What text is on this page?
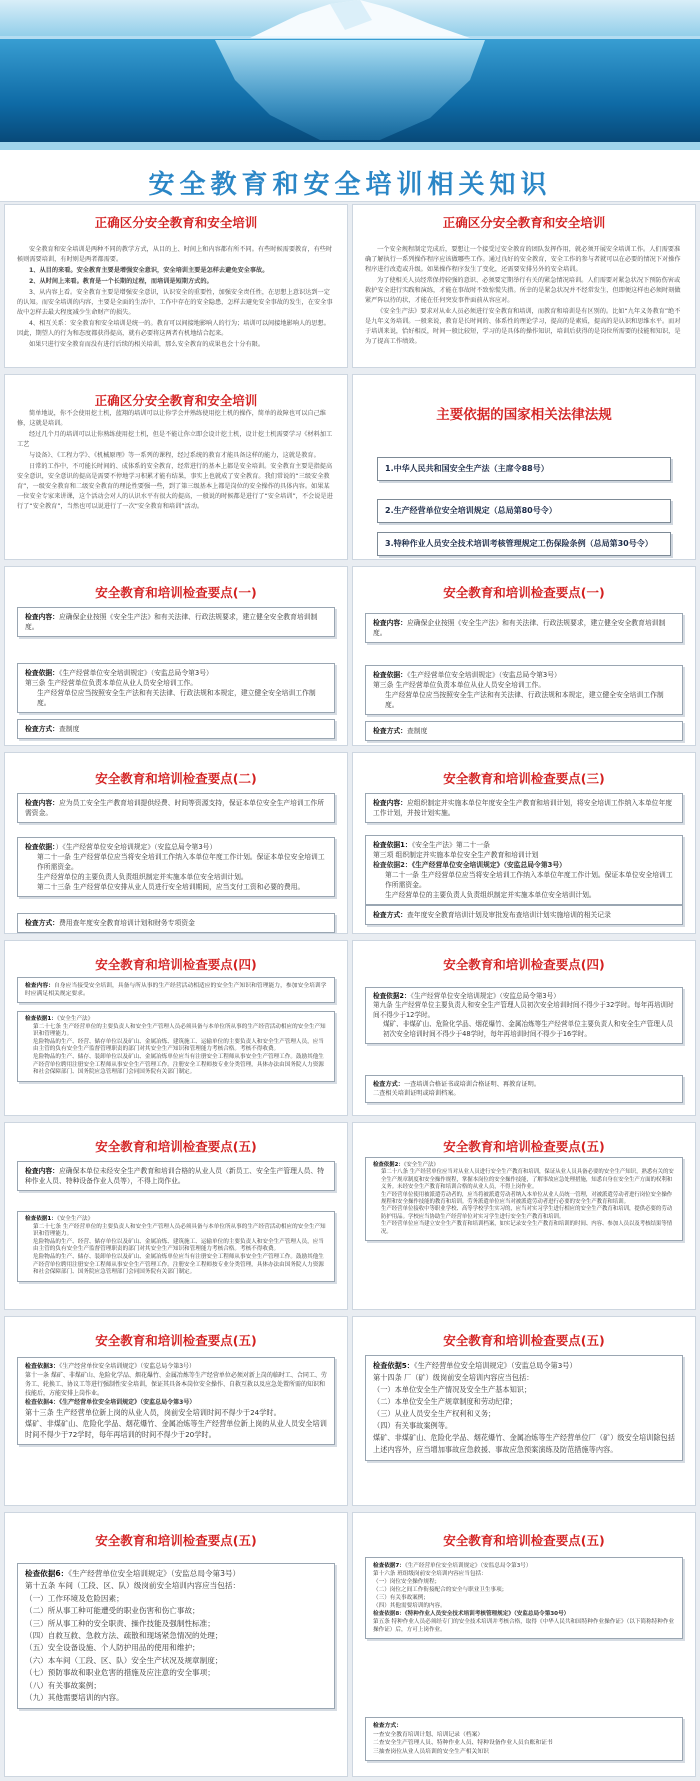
安全教育和安全培训相关知识
正确区分安全教育和安全培训

安全教育和安全培训是两种不同的教学方式，从目的上、时间上和内容都有所不同。有些时候需要教育，有些时候则需要培训，有时则是两者都需要。

1、从目的来看。安全教育主要是增强安全意识，安全培训主要是怎样去避免安全事故。

2、从时间上来看。教育是一个长期的过程，而培训是短期方式的。

3、从内容上看。安全教育主要是增强安全意识，认识安全的重要性，加强安全责任性，在思想上意识达到一定的认知。而安全培训的内容，主要是全面的生活中、工作中存在的安全隐患，怎样去避免安全事故的发生，在安全事故中怎样去最大程度减少生命财产的损失。

4、相互关系：安全教育和安全培训是统一的。教育可以间接地影响人的行为；培训可以间接地影响人的思想。因此，期望人的行为和态度都获得提高，就有必要将这两者有机地结合起来。

如果只进行安全教育而没有进行后续的相关培训，那么安全教育的成果也会十分有限。

正确区分安全教育和安全培训

一个安全规程制定完成后，要想让一个接受过安全教育的团队发挥作用，就必须开展安全培训工作。人们需要准确了解执行一系列操作程序应该做哪些工作。通过良好的安全教育，安全工作的参与者就可以在必要的情况下对操作程序进行改造或升级。如果操作程序发生了变化，还需要安排另外的安全培训。

为了使相关人员经常保持较强的意识、必须要定期举行有关的紧急情况培训。人们需要对紧急状况下预防伤害或救护安全进行实践和演练，才能在事故时不致惊慌失措。所幸的是紧急状况并不经常发生，但即便这样也必须时刻做紧严阵以待的状，才能在任何突发事件面前从容应对。

《安全生产法》要求对从业人员必须进行安全教育和培训，而教育和培训是有区别的。比如“九年义务教育”绝不是九年义务培训。一般来说，教育是长时间的、体系性的理论学习，提高的是素质，提高的是认识和思维水平。而对于培训来说，恰好相反，时间一般比较短，学习的是具体的操作知识，培训后获得的是岗位所需要的技能和知识，是为了提高工作绩效。

正确区分安全教育和安全培训

简单地说，你不会使用挖土机，蓝翔的培训可以让你学会并熟练使用挖土机的操作，简单的故障也可以自己维修，这就是培训。

经过几个月的培训可以让你熟练使用挖土机，但是不能让你立即会设计挖土机，设计挖土机需要学习《材料加工工艺

与设备》、《工程力学》、《机械原理》等一系列的课程，经过系统的教育才能具备这样的能力，这就是教育。

日常的工作中，不可能长时间的、成体系的安全教育，经常进行的基本上都是安全培训。安全教育主要是指提高安全意识，安全意识的提高是需要不停地学习积累才能有结果，事实上也就成了安全教育。我们常说的“三级安全教育”，一级安全教育和二级安全教育的理论性要强一些，到了第三级基本上都是岗位的安全操作的具体内容。如果某一位安全专家来讲课，这个活动会对人的认识水平有很大的提高，一般说的时候都是进行了“安全培训”，不会说是进行了“安全教育”，当然也可以说进行了一次“安全教育和培训”活动。

主要依据的国家相关法律法规
1.中华人民共和国安全生产法（主席令88号）
2.生产经营单位安全培训规定（总局第80号令）
3.特种作业人员安全技术培训考核管理规定工伤保险条例（总局第30号令）
安全教育和培训检查要点(一)
检查内容：应确保企业按照《安全生产法》和有关法律、行政法规要求，建立健全安全教育培训制度。
检查依据：《生产经营单位安全培训规定》（安监总局令第3号）
第三条 生产经营单位负责本单位从业人员安全培训工作。
生产经营单位应当按照安全生产法和有关法律、行政法规和本规定，建立健全安全培训工作制度。
检查方式：查制度
安全教育和培训检查要点(一)
检查内容：应确保企业按照《安全生产法》和有关法律、行政法规要求，建立健全安全教育培训制度。
检查依据：《生产经营单位安全培训规定》（安监总局令第3号）
第三条 生产经营单位负责本单位从业人员安全培训工作。
生产经营单位应当按照安全生产法和有关法律、行政法规和本规定，建立健全安全培训工作制度。
检查方式：查制度
安全教育和培训检查要点(二)
检查内容：应为员工安全生产教育培训提供经费、时间等资源支持，保证本单位安全生产培训工作所需资金。
检查依据：）《生产经营单位安全培训规定》（安监总局令第3号）
第二十一条 生产经营单位应当将安全培训工作纳入本单位年度工作计划。保证本单位安全培训工作所需资金。
生产经营单位的主要负责人负责组织制定并实施本单位安全培训计划。
第二十三条 生产经营单位安排从业人员进行安全培训期间，应当支付工资和必要的费用。
检查方式：费用查年度安全教育培训计划和财务专项资金
安全教育和培训检查要点(三)
检查内容：应组织制定并实施本单位年度安全生产教育和培训计划，将安全培训工作纳入本单位年度工作计划，并按计划实施。
检查依据1：《安全生产法》第二十一条
第三项 组织制定并实施本单位安全生产教育和培训计划
检查依据2：《生产经营单位安全培训规定》（安监总局令第3号）
第二十一条 生产经营单位应当将安全培训工作纳入本单位年度工作计划。保证本单位安全培训工作所需资金。
生产经营单位的主要负责人负责组织制定并实施本单位安全培训计划。
检查方式：查年度安全教育培训计划及审批发布查培训计划实施培训的相关记录
安全教育和培训检查要点(四)
检查内容：自身应当接受安全培训，具备与所从事的生产经营活动相适应的安全生产知识和管理能力，参加安全培训学时应满足相关规定要求。
检查依据1：《安全生产法》
第二十七条 生产经营单位的主要负责人和安全生产管理人员必须具备与本单位所从事的生产经营活动相应的安全生产知识和管理能力。
危险物品的生产、经营、储存单位以及矿山、金属冶炼、建筑施工、运输单位的主要负责人和安全生产管理人员，应当由主管的负有安全生产监督管理职责的部门对其安全生产知识和管理能力考核合格。考核不得收费。
危险物品的生产、储存、装卸单位以及矿山、金属冶炼单位应当有注册安全工程师从事安全生产管理工作。鼓励其他生产经营单位聘用注册安全工程师从事安全生产管理工作。注册安全工程师按专业分类管理，具体办法由国务院人力资源和社会保障部门、国务院应急管理部门会同国务院有关部门制定。
安全教育和培训检查要点(四)
检查依据2：《生产经营单位安全培训规定》（安监总局令第3号）
第九条 生产经营单位主要负责人和安全生产管理人员初次安全培训时间不得少于32学时。每年再培训时间不得少于12学时。
煤矿、非煤矿山、危险化学品、烟花爆竹、金属冶炼等生产经营单位主要负责人和安全生产管理人员初次安全培训时间不得少于48学时，每年再培训时间不得少于16学时。
检查方式：一查培训合格证书或培训合格证明、再教育证明。
二查相关培训证明或培训档案。
安全教育和培训检查要点(五)
检查内容：应确保本单位未经安全生产教育和培训合格的从业人员（新员工、安全生产管理人员、特种作业人员、特种设备作业人员等），不得上岗作业。
检查依据1：《安全生产法》
第二十七条 生产经营单位的主要负责人和安全生产管理人员必须具备与本单位所从事的生产经营活动相应的安全生产知识和管理能力。
危险物品的生产、经营、储存单位以及矿山、金属冶炼、建筑施工、运输单位的主要负责人和安全生产管理人员，应当由主管的负有安全生产监督管理职责的部门对其安全生产知识和管理能力考核合格。考核不得收费。
危险物品的生产、储存、装卸单位以及矿山、金属冶炼单位应当有注册安全工程师从事安全生产管理工作。鼓励其他生产经营单位聘用注册安全工程师从事安全生产管理工作。注册安全工程师按专业分类管理，具体办法由国务院人力资源和社会保障部门、国务院应急管理部门会同国务院有关部门制定。
安全教育和培训检查要点(五)
检查依据2：《安全生产法》
第二十八条 生产经营单位应当对从业人员进行安全生产教育和培训，保证从业人员具备必要的安全生产知识，熟悉有关的安全生产规章制度和安全操作规程，掌握本岗位的安全操作技能，了解事故应急处理措施，知悉自身在安全生产方面的权利和义务。未经安全生产教育和培训合格的从业人员，不得上岗作业。
生产经营单位使用被派遣劳动者的，应当将被派遣劳动者纳入本单位从业人员统一管理，对被派遣劳动者进行岗位安全操作规程和安全操作技能的教育和培训。劳务派遣单位应当对被派遣劳动者进行必要的安全生产教育和培训。
生产经营单位接收中等职业学校、高等学校学生实习的，应当对实习学生进行相应的安全生产教育和培训，提供必要的劳动防护用品。学校应当协助生产经营单位对实习学生进行安全生产教育和培训。
生产经营单位应当建立安全生产教育和培训档案，如实记录安全生产教育和培训的时间、内容、参加人员以及考核结果等情况。
安全教育和培训检查要点(五)
检查依据3：《生产经营单位安全培训规定》（安监总局令第3号）
第十一条 煤矿、非煤矿山、危险化学品、烟花爆竹、金属冶炼等生产经营单位必须对新上岗的临时工、合同工、劳务工、轮换工、协议工等进行强制性安全培训，保证其具备本岗位安全操作、自救互救以及应急处置所需的知识和技能后，方能安排上岗作业。
检查依据4：《生产经营单位安全培训规定》（安监总局令第3号）
第十三条 生产经营单位新上岗的从业人员，岗前安全培训时间不得少于24学时。
煤矿、非煤矿山、危险化学品、烟花爆竹、金属冶炼等生产经营单位新上岗的从业人员安全培训时间不得少于72学时，每年再培训的时间不得少于20学时。
安全教育和培训检查要点(五)
检查依据5：《生产经营单位安全培训规定》（安监总局令第3号）
第十四条 厂（矿）级岗前安全培训内容应当包括：
（一）本单位安全生产情况及安全生产基本知识；
（二）本单位安全生产规章制度和劳动纪律；
（三）从业人员安全生产权利和义务；
（四）有关事故案例等。
煤矿、非煤矿山、危险化学品、烟花爆竹、金属冶炼等生产经营单位厂（矿）级安全培训除包括上述内容外，应当增加事故应急救援、事故应急预案演练及防范措施等内容。
安全教育和培训检查要点(五)
检查依据6：《生产经营单位安全培训规定》（安监总局令第3号）
第十五条 车间（工段、区、队）级岗前安全培训内容应当包括：
（一）工作环境及危险因素；
（二）所从事工种可能遭受的职业伤害和伤亡事故；
（三）所从事工种的安全职责、操作技能及强制性标准；
（四）自救互救、急救方法、疏散和现场紧急情况的处理；
（五）安全设备设施、个人防护用品的使用和维护；
（六）本车间（工段、区、队）安全生产状况及规章制度；
（七）预防事故和职业危害的措施及应注意的安全事项；
（八）有关事故案例；
（九）其他需要培训的内容。
安全教育和培训检查要点(五)
检查依据7：《生产经营单位安全培训规定》（安监总局令第3号）
第十六条 班组级岗前安全培训内容应当包括：
（一）岗位安全操作规程；
（二）岗位之间工作衔接配合的安全与职业卫生事项；
（三）有关事故案例；
（四）其他需要培训的内容。
检查依据8：《特种作业人员安全技术培训考核管理规定》（安监总局令第30号）
第五条 特种作业人员必须经专门的安全技术培训并考核合格，取得《中华人民共和国特种作业操作证》（以下简称特种作业操作证）后，方可上岗作业。
检查方式：
一查安全教育培训计划、培训记录（档案）
二查安全生产管理人员、特种作业人员、特种设备作业人员台账和证书
三抽查岗位从业人员培训的安全生产相关知识
